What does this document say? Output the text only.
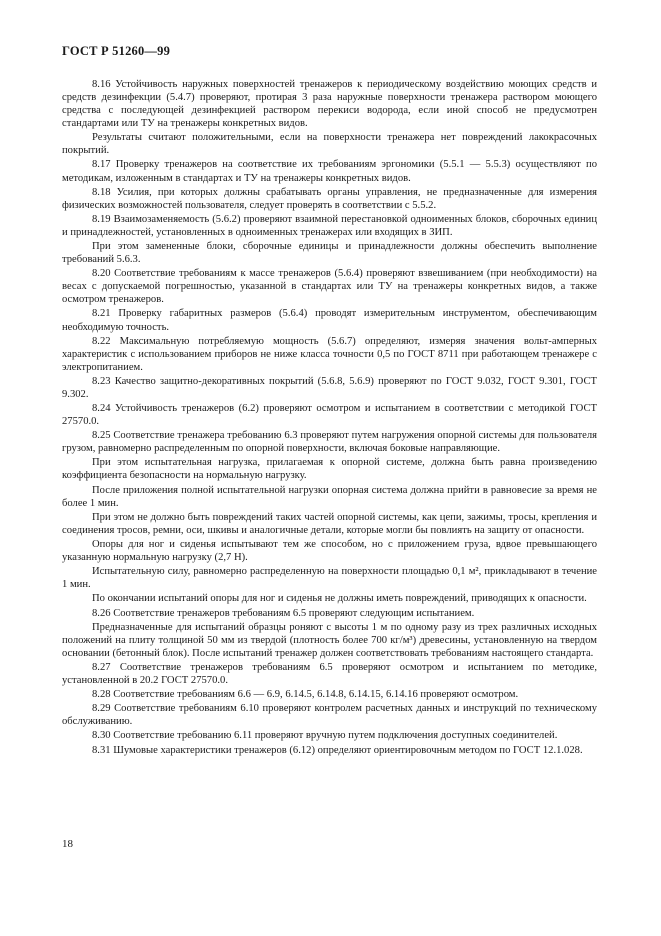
ГОСТ Р 51260—99

8.16 Устойчивость наружных поверхностей тренажеров к периодическому воздействию моющих средств и средств дезинфекции (5.4.7) проверяют, протирая 3 раза наружные поверхности тренажера раствором моющего средства с последующей дезинфекцией раствором перекиси водорода, если иной способ не предусмотрен стандартами или ТУ на тренажеры конкретных видов.

Результаты считают положительными, если на поверхности тренажера нет повреждений лакокрасочных покрытий.

8.17 Проверку тренажеров на соответствие их требованиям эргономики (5.5.1 — 5.5.3) осуществляют по методикам, изложенным в стандартах и ТУ на тренажеры конкретных видов.

8.18 Усилия, при которых должны срабатывать органы управления, не предназначенные для измерения физических возможностей пользователя, следует проверять в соответствии с 5.5.2.

8.19 Взаимозаменяемость (5.6.2) проверяют взаимной перестановкой одноименных блоков, сборочных единиц и принадлежностей, установленных в одноименных тренажерах или входящих в ЗИП.

При этом замененные блоки, сборочные единицы и принадлежности должны обеспечить выполнение требований 5.6.3.

8.20 Соответствие требованиям к массе тренажеров (5.6.4) проверяют взвешиванием (при необходимости) на весах с допускаемой погрешностью, указанной в стандартах или ТУ на тренажеры конкретных видов, а также осмотром тренажеров.

8.21 Проверку габаритных размеров (5.6.4) проводят измерительным инструментом, обеспечивающим необходимую точность.

8.22 Максимальную потребляемую мощность (5.6.7) определяют, измеряя значения вольт-амперных характеристик с использованием приборов не ниже класса точности 0,5 по ГОСТ 8711 при работающем тренажере с электропитанием.

8.23 Качество защитно-декоративных покрытий (5.6.8, 5.6.9) проверяют по ГОСТ 9.032, ГОСТ 9.301, ГОСТ 9.302.

8.24 Устойчивость тренажеров (6.2) проверяют осмотром и испытанием в соответствии с методикой ГОСТ 27570.0.

8.25 Соответствие тренажера требованию 6.3 проверяют путем нагружения опорной системы для пользователя грузом, равномерно распределенным по опорной поверхности, включая боковые направляющие.

При этом испытательная нагрузка, прилагаемая к опорной системе, должна быть равна произведению коэффициента безопасности на нормальную нагрузку.

После приложения полной испытательной нагрузки опорная система должна прийти в равновесие за время не более 1 мин.

При этом не должно быть повреждений таких частей опорной системы, как цепи, зажимы, тросы, крепления и соединения тросов, ремни, оси, шкивы и аналогичные детали, которые могли бы повлиять на защиту от опасности.

Опоры для ног и сиденья испытывают тем же способом, но с приложением груза, вдвое превышающего указанную нормальную нагрузку (2,7 Н).

Испытательную силу, равномерно распределенную на поверхности площадью 0,1 м², прикладывают в течение 1 мин.

По окончании испытаний опоры для ног и сиденья не должны иметь повреждений, приводящих к опасности.

8.26 Соответствие тренажеров требованиям 6.5 проверяют следующим испытанием.

Предназначенные для испытаний образцы роняют с высоты 1 м по одному разу из трех различных исходных положений на плиту толщиной 50 мм из твердой (плотность более 700 кг/м³) древесины, установленную на твердом основании (бетонный блок). После испытаний тренажер должен соответствовать требованиям настоящего стандарта.

8.27 Соответствие тренажеров требованиям 6.5 проверяют осмотром и испытанием по методике, установленной в 20.2 ГОСТ 27570.0.

8.28 Соответствие требованиям 6.6 — 6.9, 6.14.5, 6.14.8, 6.14.15, 6.14.16 проверяют осмотром.

8.29 Соответствие требованиям 6.10 проверяют контролем расчетных данных и инструкций по техническому обслуживанию.

8.30 Соответствие требованию 6.11 проверяют вручную путем подключения доступных соединителей.

8.31 Шумовые характеристики тренажеров (6.12) определяют ориентировочным методом по ГОСТ 12.1.028.

18
